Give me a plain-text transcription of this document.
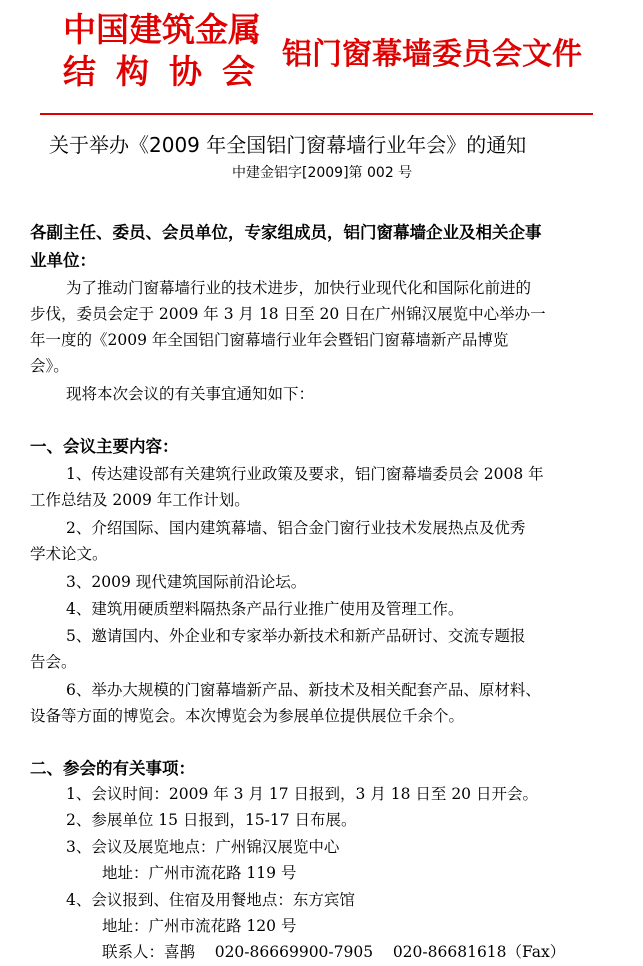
中国建筑金属
结构协会 铝门窗幕墙委员会文件
关于举办《2009 年全国铝门窗幕墙行业年会》的通知
中建金铝字[2009]第 002 号
各副主任、委员、会员单位，专家组成员，铝门窗幕墙企业及相关企事
业单位：
为了推动门窗幕墙行业的技术进步，加快行业现代化和国际化前进的
步伐，委员会定于 2009 年 3 月 18 日至 20 日在广州锦汉展览中心举办一
年一度的《2009 年全国铝门窗幕墙行业年会暨铝门窗幕墙新产品博览
会》。
现将本次会议的有关事宜通知如下：
一、会议主要内容：
1、传达建设部有关建筑行业政策及要求，铝门窗幕墙委员会 2008 年
工作总结及 2009 年工作计划。
2、介绍国际、国内建筑幕墙、铝合金门窗行业技术发展热点及优秀
学术论文。
3、2009 现代建筑国际前沿论坛。
4、建筑用硬质塑料隔热条产品行业推广使用及管理工作。
5、邀请国内、外企业和专家举办新技术和新产品研讨、交流专题报
告会。
6、举办大规模的门窗幕墙新产品、新技术及相关配套产品、原材料、
设备等方面的博览会。本次博览会为参展单位提供展位千余个。
二、参会的有关事项：
1、会议时间：2009 年 3 月 17 日报到，3 月 18 日至 20 日开会。
2、参展单位 15 日报到，15-17 日布展。
3、会议及展览地点：广州锦汉展览中心
地址：广州市流花路 119 号
4、会议报到、住宿及用餐地点：东方宾馆
地址：广州市流花路 120 号
联系人：喜鹊    020-86669900-7905    020-86681618（Fax）
